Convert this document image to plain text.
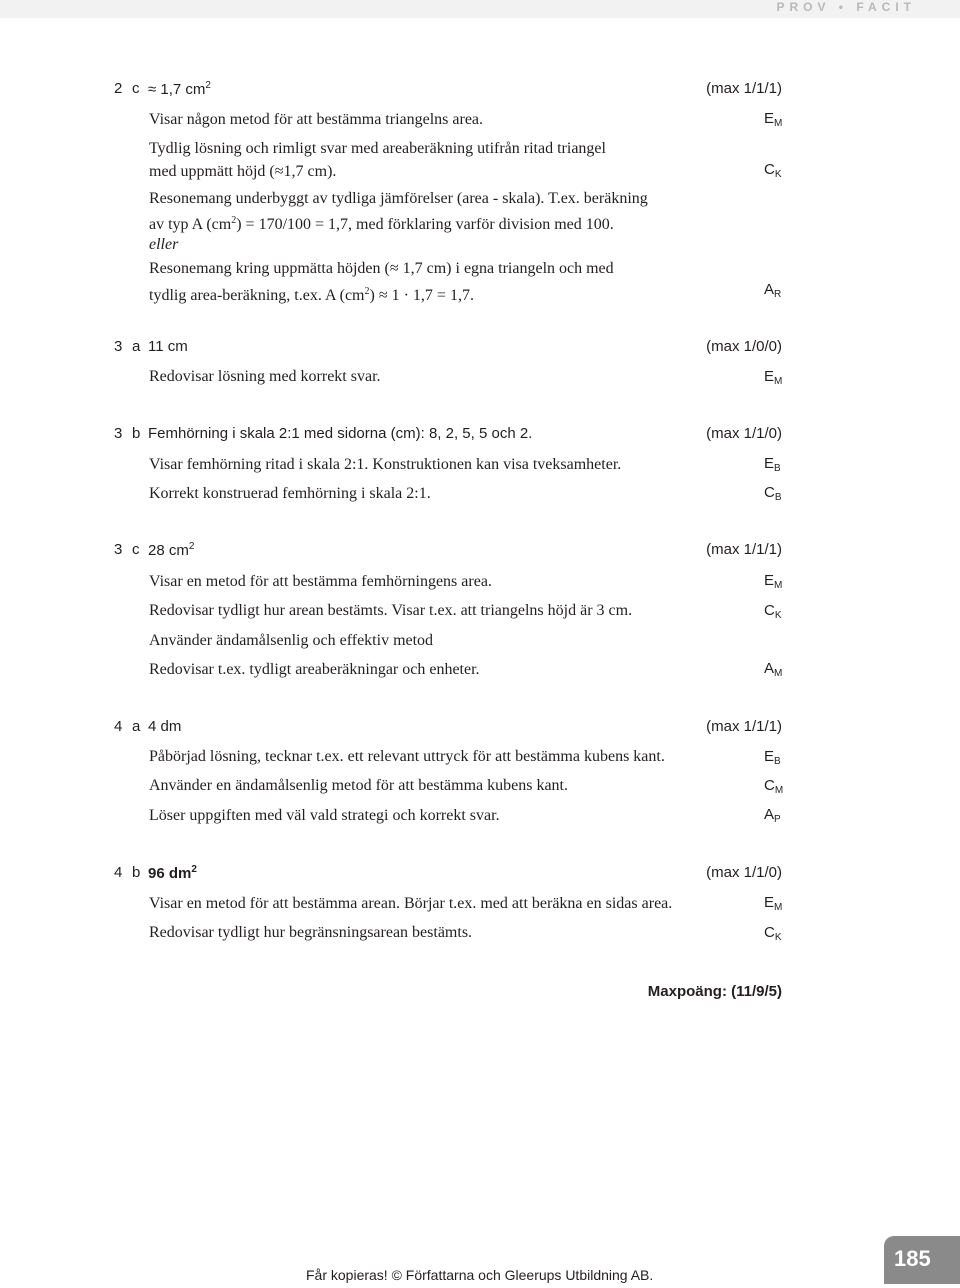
PROV • FACIT
2 c ≈ 1,7 $cm^2$	(max 1/1/1)
Visar någon metod för att bestämma triangelns area.	$E_M$
Tydlig lösning och rimligt svar med areaberäkning utifrån ritad triangel
med uppmätt höjd (≈1,7 cm).	$C_K$
Resonemang underbyggt av tydliga jämförelser (area - skala). T.ex. beräkning
av typ A $(cm^2) = 170/100 = 1,7$, med förklaring varför division med 100.
eller
Resonemang kring uppmätta höjden (≈ 1,7 cm) i egna triangeln och med
tydlig area-beräkning, t.ex. A $(cm^2) \approx 1 \cdot 1,7 = 1,7$.	$A_R$
3 a 11 cm	(max 1/0/0)
Redovisar lösning med korrekt svar.	$E_M$
3 b Femhörning i skala 2:1 med sidorna (cm): 8, 2, 5, 5 och 2.	(max 1/1/0)
Visar femhörning ritad i skala 2:1. Konstruktionen kan visa tveksamheter.	$E_B$
Korrekt konstruerad femhörning i skala 2:1.	$C_B$
3 c 28 $cm^2$	(max 1/1/1)
Visar en metod för att bestämma femhörningens area.	$E_M$
Redovisar tydligt hur arean bestämts. Visar t.ex. att triangelns höjd är 3 cm.	$C_K$
Använder ändamålsenlig och effektiv metod
Redovisar t.ex. tydligt areaberäkningar och enheter.	$A_M$
4 a 4 dm	(max 1/1/1)
Påbörjad lösning, tecknar t.ex. ett relevant uttryck för att bestämma kubens kant.	$E_B$
Använder en ändamålsenlig metod för att bestämma kubens kant.	$C_M$
Löser uppgiften med väl vald strategi och korrekt svar.	$A_P$
4 b 96 $dm^2$	(max 1/1/0)
Visar en metod för att bestämma arean. Börjar t.ex. med att beräkna en sidas area.	$E_M$
Redovisar tydligt hur begränsningsarean bestämts.	$C_K$
Maxpoäng: (11/9/5)
Får kopieras! © Författarna och Gleerups Utbildning AB.
185
